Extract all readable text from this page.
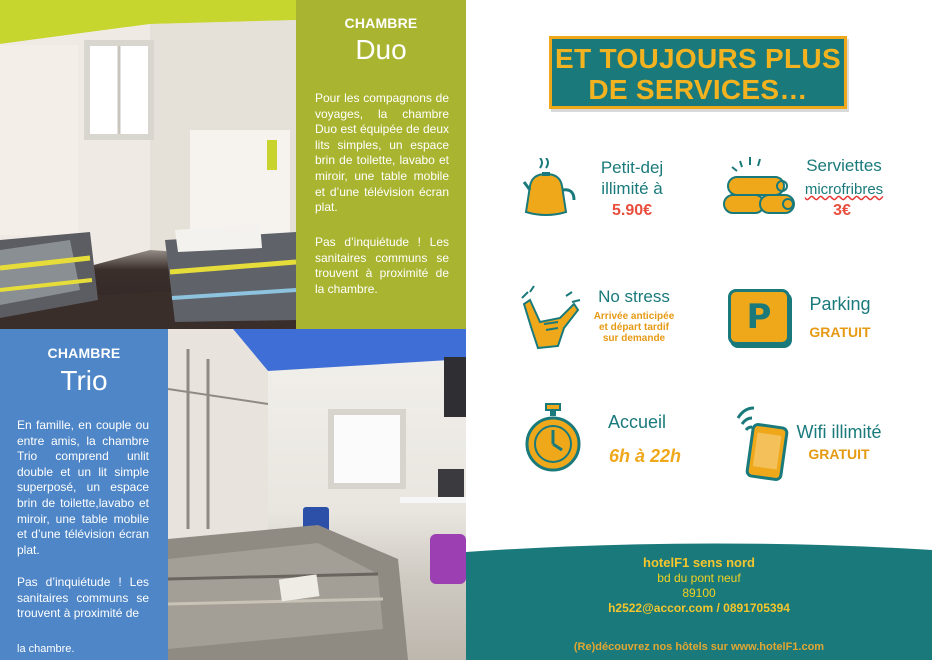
CHAMBRE
Duo
Pour les compagnons de voyages, la chambre Duo est équipée de deux lits simples, un espace brin de toilette, lavabo et miroir, une table mobile et d’une télévision écran plat.
Pas d’inquiétude ! Les sanitaires communs se trouvent à proximité de la chambre.
CHAMBRE
Trio
En famille, en couple ou entre amis, la chambre Trio comprend unlit double et un lit simple superposé, un espace brin de toilette,lavabo et miroir, une table mobile et d’une télévision écran plat.
Pas d’inquiétude ! Les sanitaires communs se trouvent à proximité de
la chambre.
ET TOUJOURS PLUS
DE SERVICES…
Petit-dej
illimité à
5.90€
Serviettes
microfribres
3€
No stress
Arrivée anticipée
et départ tardif
sur demande
P	Parking
GRATUIT
Accueil
6h à 22h
Wifi illimité
GRATUIT
hotelF1 sens nord
bd du pont neuf
89100
h2522@accor.com / 0891705394
(Re)découvrez nos hôtels sur www.hotelF1.com
